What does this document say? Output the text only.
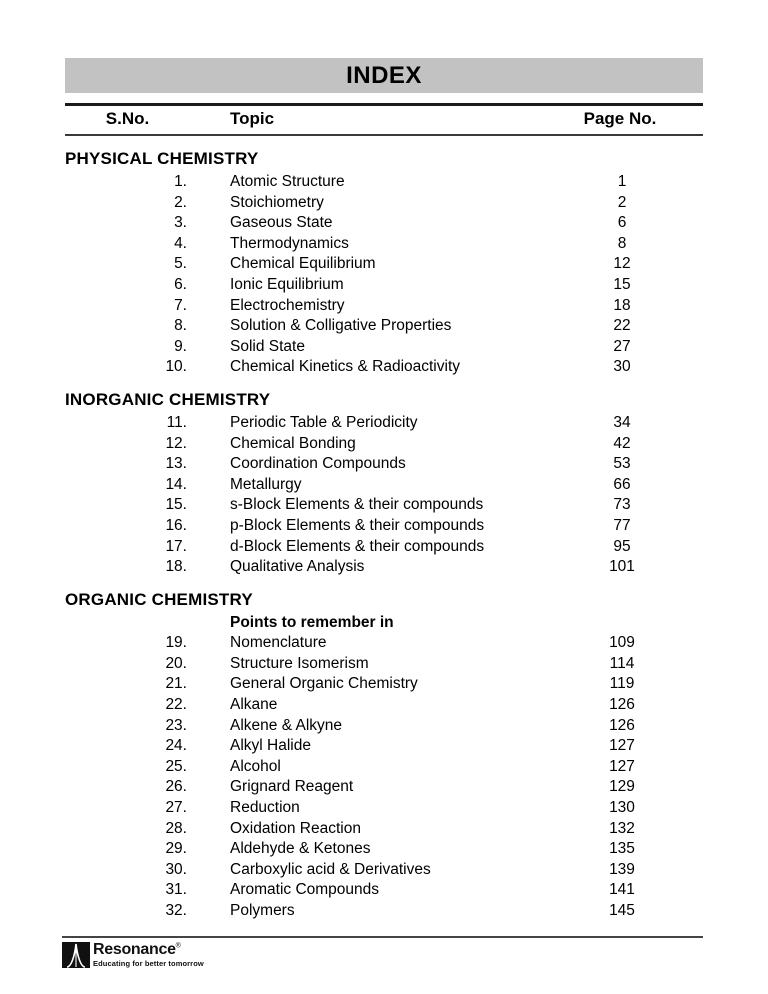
INDEX
S.No.	Topic	Page No.
PHYSICAL CHEMISTRY
1.	Atomic Structure	1
2.	Stoichiometry	2
3.	Gaseous State	6
4.	Thermodynamics	8
5.	Chemical Equilibrium	12
6.	Ionic Equilibrium	15
7.	Electrochemistry	18
8.	Solution & Colligative Properties	22
9.	Solid State	27
10.	Chemical Kinetics & Radioactivity	30
INORGANIC CHEMISTRY
11.	Periodic Table & Periodicity	34
12.	Chemical Bonding	42
13.	Coordination Compounds	53
14.	Metallurgy	66
15.	s-Block Elements & their compounds	73
16.	p-Block Elements & their compounds	77
17.	d-Block Elements & their compounds	95
18.	Qualitative Analysis	101
ORGANIC CHEMISTRY
Points to remember in
19.	Nomenclature	109
20.	Structure Isomerism	114
21.	General Organic Chemistry	119
22.	Alkane	126
23.	Alkene & Alkyne	126
24.	Alkyl Halide	127
25.	Alcohol	127
26.	Grignard Reagent	129
27.	Reduction	130
28.	Oxidation Reaction	132
29.	Aldehyde & Ketones	135
30.	Carboxylic acid & Derivatives	139
31.	Aromatic Compounds	141
32.	Polymers	145
Resonance®
Educating for better tomorrow
